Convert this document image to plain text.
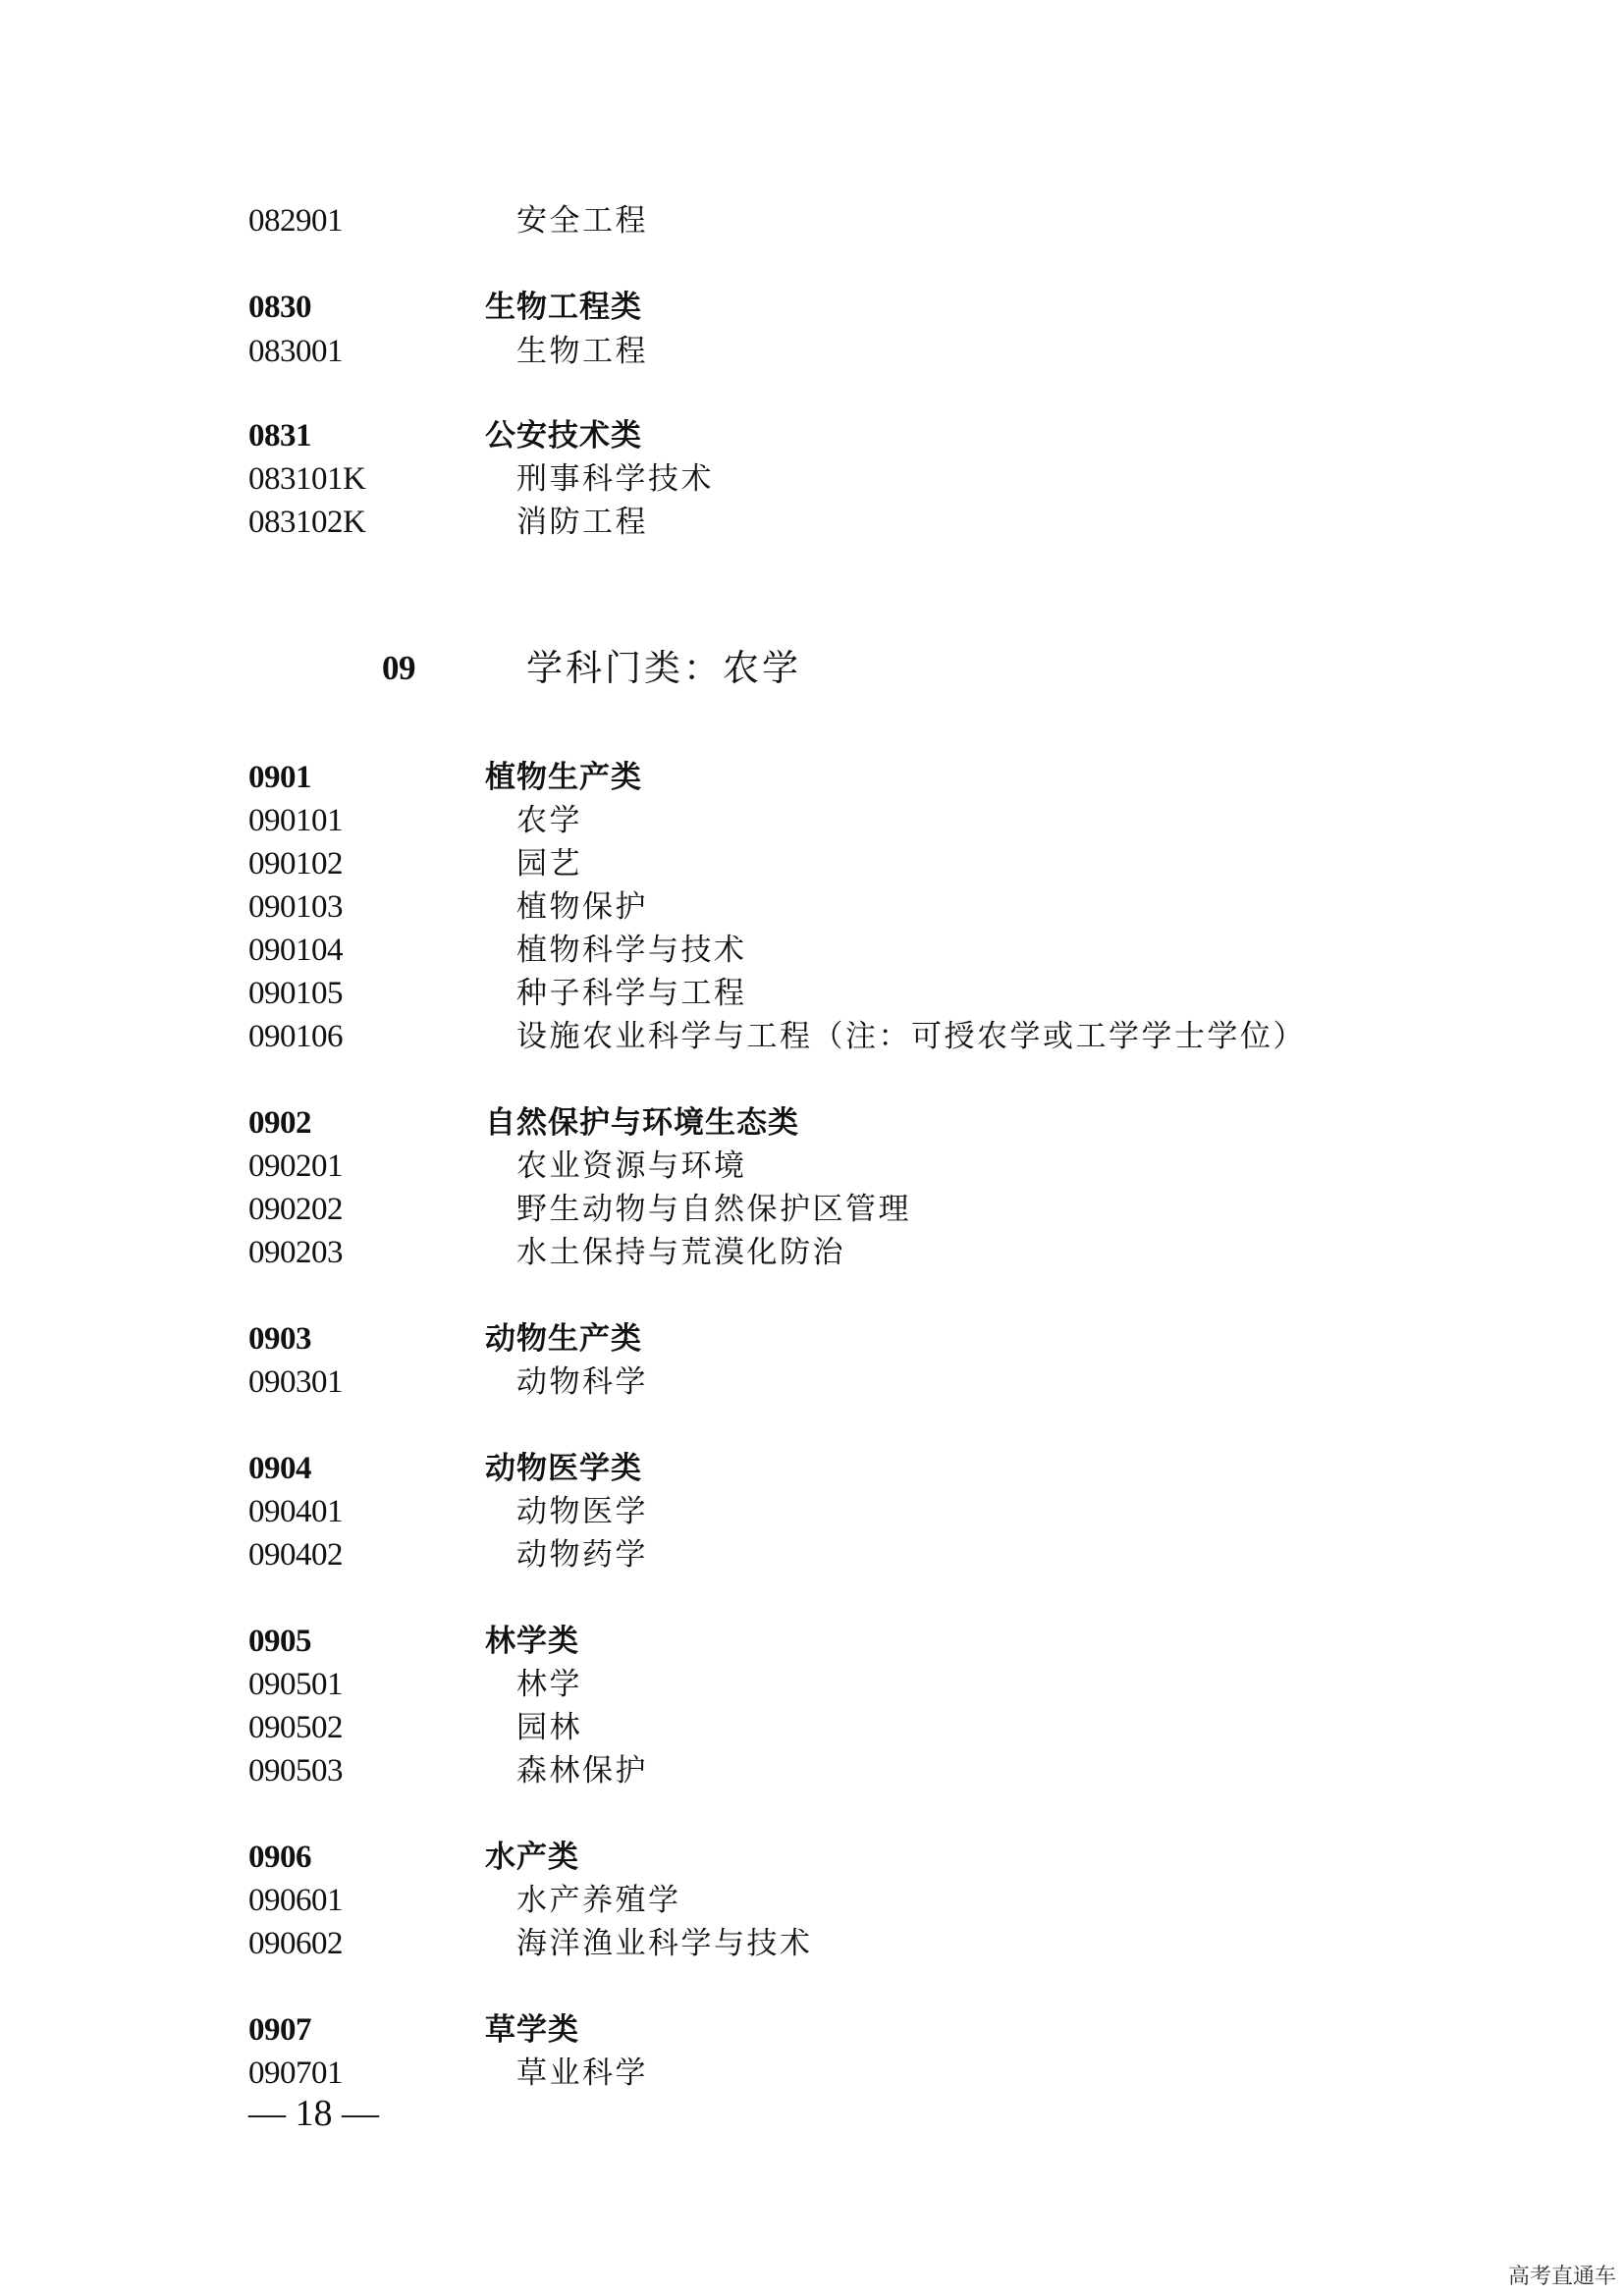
09	学科门类：农学
— 18 —
高考直通车
082901	安全工程
0830	生物工程类
083001	生物工程
0831	公安技术类
083101K	刑事科学技术
083102K	消防工程
0901	植物生产类
090101	农学
090102	园艺
090103	植物保护
090104	植物科学与技术
090105	种子科学与工程
090106	设施农业科学与工程（注：可授农学或工学学士学位）
0902	自然保护与环境生态类
090201	农业资源与环境
090202	野生动物与自然保护区管理
090203	水土保持与荒漠化防治
0903	动物生产类
090301	动物科学
0904	动物医学类
090401	动物医学
090402	动物药学
0905	林学类
090501	林学
090502	园林
090503	森林保护
0906	水产类
090601	水产养殖学
090602	海洋渔业科学与技术
0907	草学类
090701	草业科学
